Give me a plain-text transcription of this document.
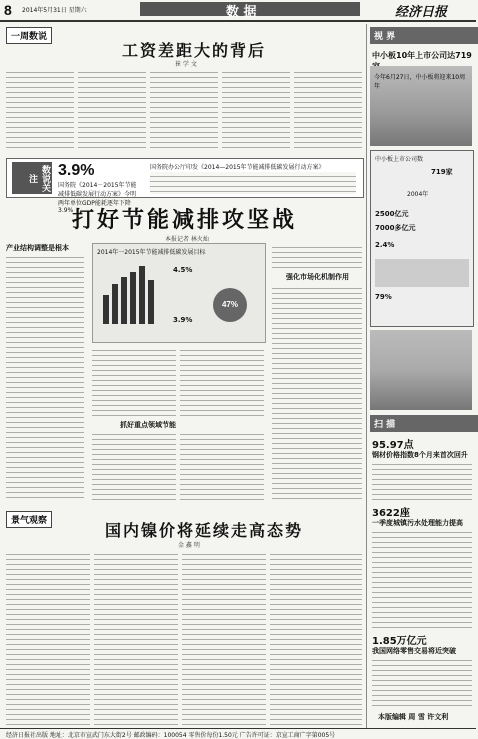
8 2014年5月31日 星期六	数 据	经济日报
一周数说
工资差距大的背后
崔 学 文
数说关注	3.9%
国务院《2014－2015年节能减排低碳发展行动方案》今明两年单位GDP能耗逐年下降3.9%
国务院办公厅印发《2014—2015年节能减排低碳发展行动方案》
打好节能减排攻坚战
本报记者 林火灿
产业结构调整是根本
2014年一2015年节能减排低碳发展目标
47%
4.5%
3.9%
抓好重点领域节能
强化市场化机制作用
景气观察	国内镍价将延续走高态势
金 鑫 明
视 界
中小板10年上市公司达719
今年6月27日，中小板将迎来10周年
中小板上市公司数
719家
2004年
2500亿元
7000多亿元
2.4%
79%
扫 描
95.97点
钢材价格指数8个月来首次回升
3622座
一季度城镇污水处理能力提高
1.85万亿元
我国网络零售交易将近突破
本版编辑 周 雪 许文利
经济日报社出版 地址：北京市宣武门东大街2号 邮政编码：100054 零售价每份1.50元 广告许可证：京宣工商广字第005号
